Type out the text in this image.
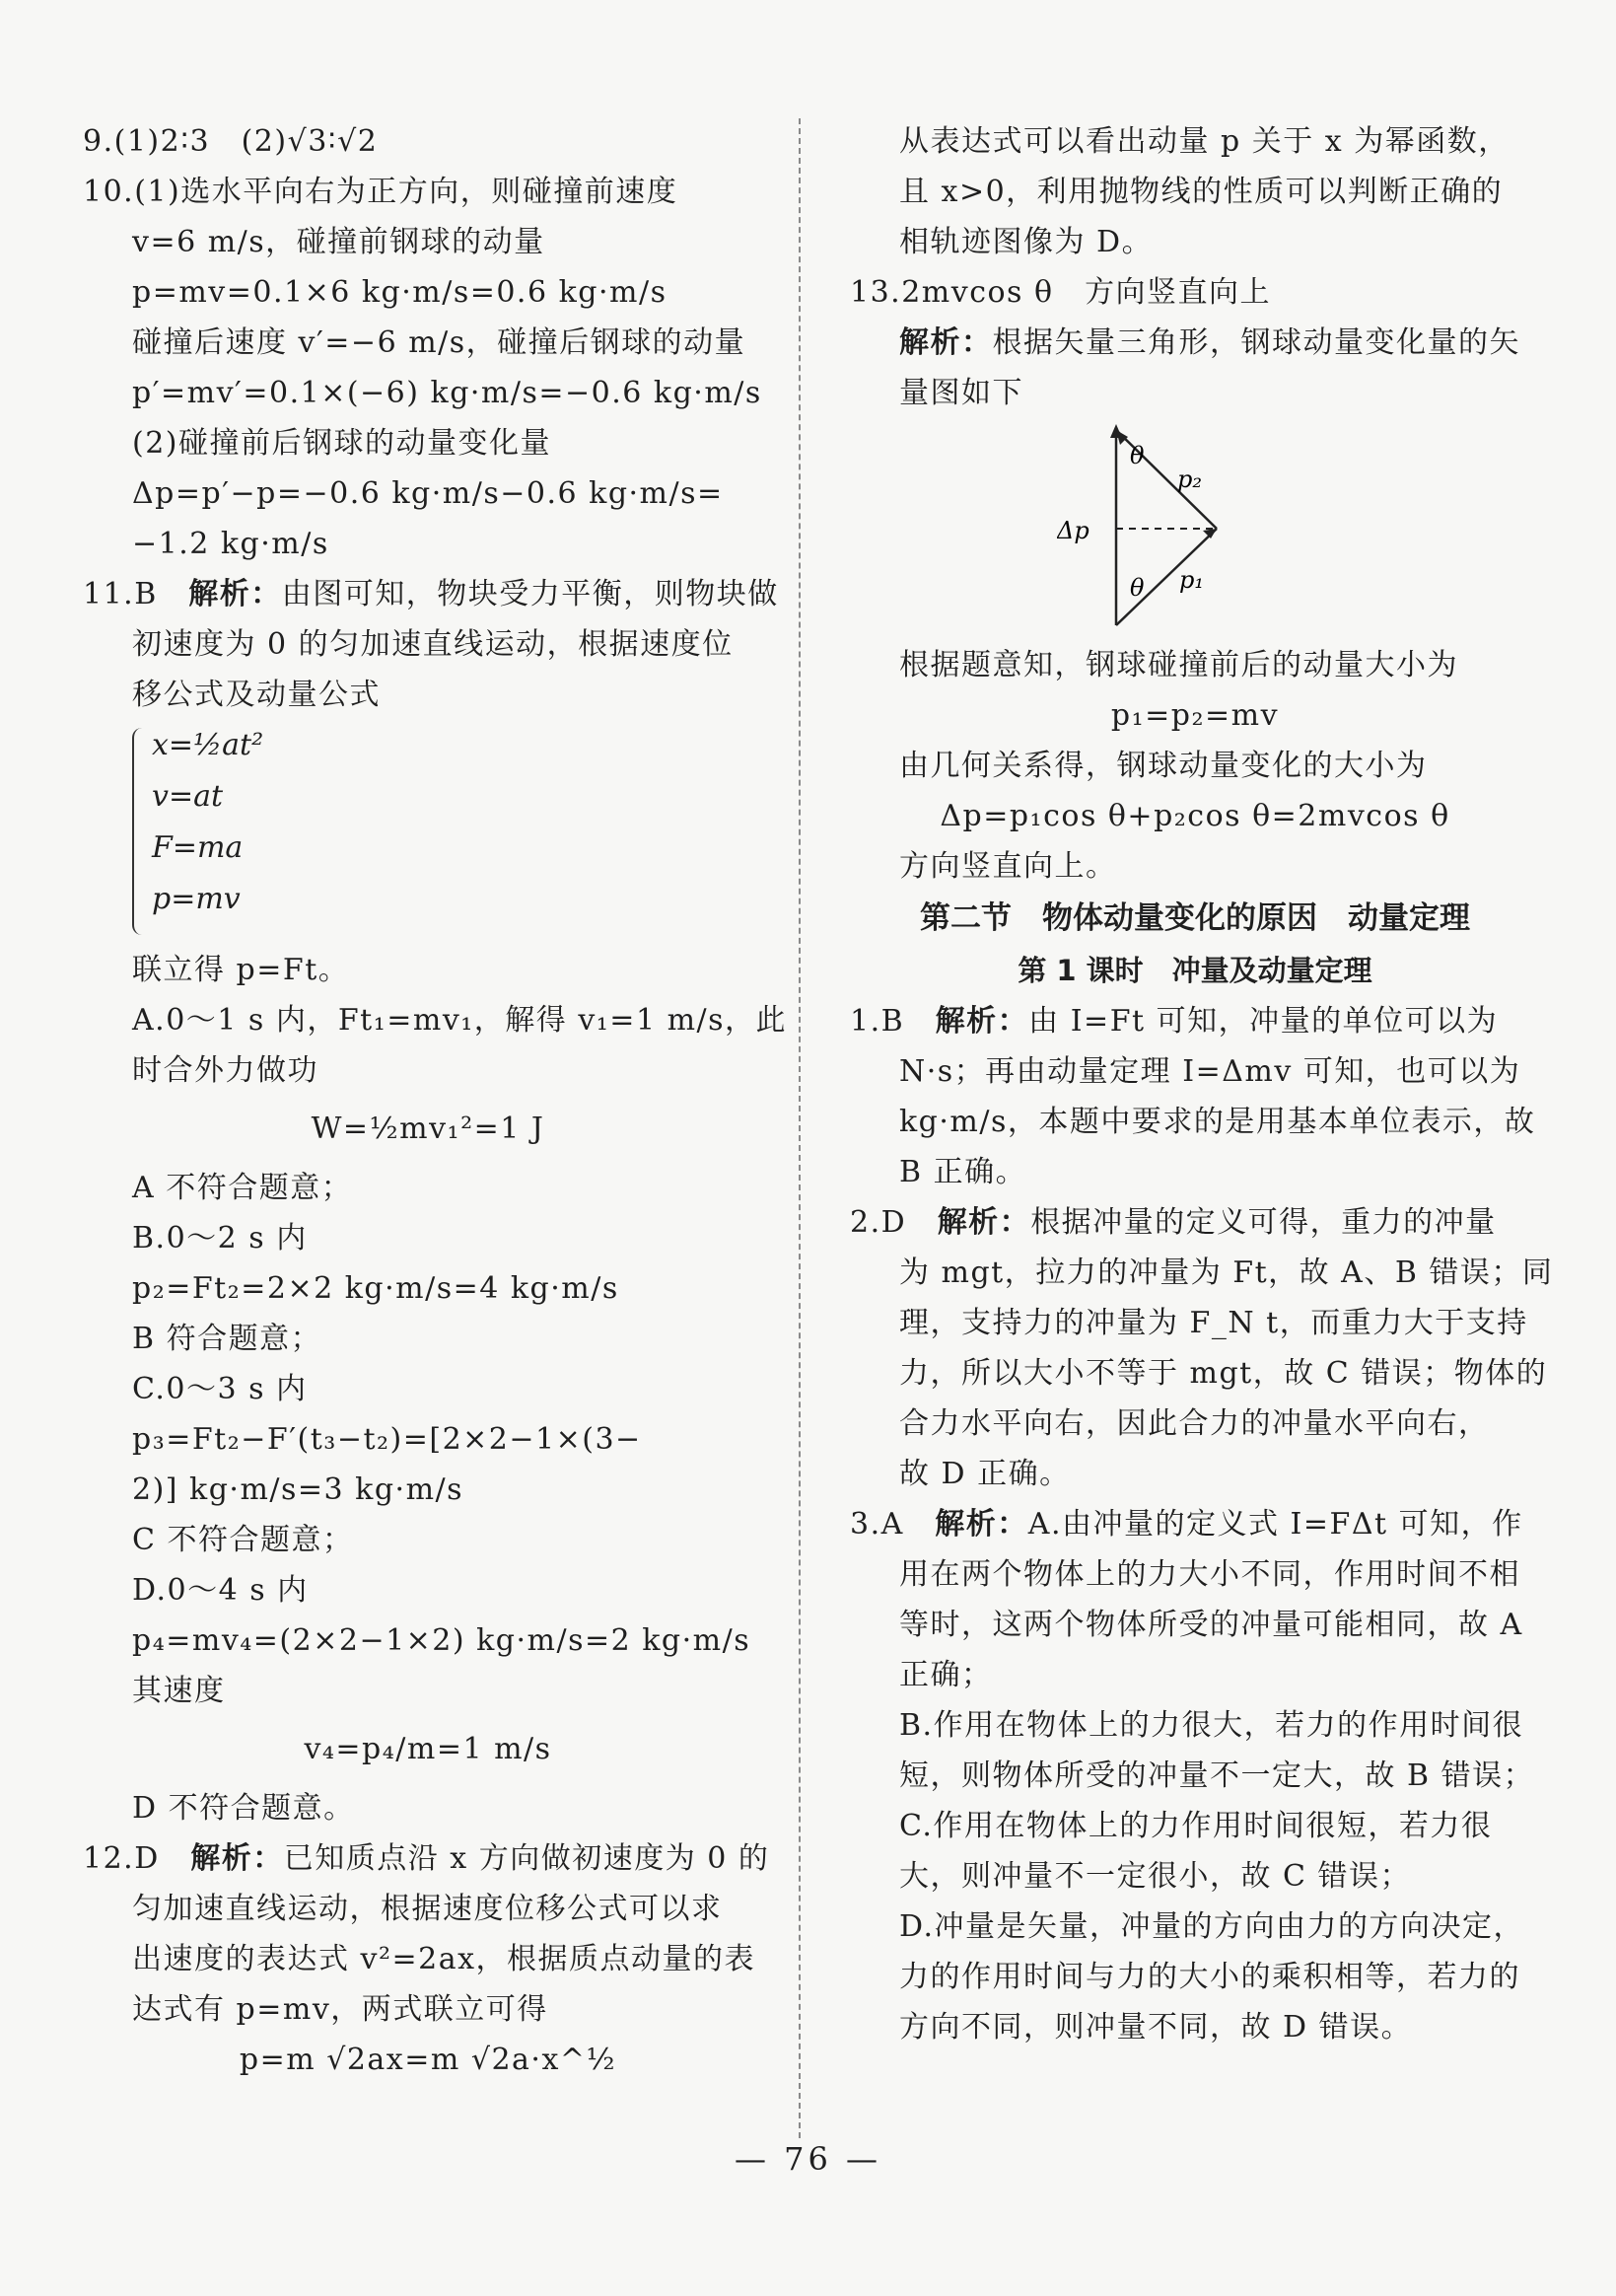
9.(1)2∶3　(2)√3∶√2
10.(1)选水平向右为正方向，则碰撞前速度
v=6 m/s，碰撞前钢球的动量
p=mv=0.1×6 kg·m/s=0.6 kg·m/s
碰撞后速度 v′=−6 m/s，碰撞后钢球的动量
p′=mv′=0.1×(−6) kg·m/s=−0.6 kg·m/s
(2)碰撞前后钢球的动量变化量
Δp=p′−p=−0.6 kg·m/s−0.6 kg·m/s=
−1.2 kg·m/s
11.B　解析：由图可知，物块受力平衡，则物块做
初速度为 0 的匀加速直线运动，根据速度位
移公式及动量公式
x=½at²
v=at
F=ma
p=mv
联立得 p=Ft。
A.0～1 s 内，Ft₁=mv₁，解得 v₁=1 m/s，此
时合外力做功
W=½mv₁²=1 J
A 不符合题意；
B.0～2 s 内
p₂=Ft₂=2×2 kg·m/s=4 kg·m/s
B 符合题意；
C.0～3 s 内
p₃=Ft₂−F′(t₃−t₂)=[2×2−1×(3−
2)] kg·m/s=3 kg·m/s
C 不符合题意；
D.0～4 s 内
p₄=mv₄=(2×2−1×2) kg·m/s=2 kg·m/s
其速度
v₄=p₄/m=1 m/s
D 不符合题意。
12.D　解析：已知质点沿 x 方向做初速度为 0 的
匀加速直线运动，根据速度位移公式可以求
出速度的表达式 v²=2ax，根据质点动量的表
达式有 p=mv，两式联立可得
p=m √2ax=m √2a·x^½
从表达式可以看出动量 p 关于 x 为幂函数，
且 x>0，利用抛物线的性质可以判断正确的
相轨迹图像为 D。
13.2mvcos θ　方向竖直向上
解析：根据矢量三角形，钢球动量变化量的矢
量图如下
θ
θ
p₂
p₁
Δp
根据题意知，钢球碰撞前后的动量大小为
p₁=p₂=mv
由几何关系得，钢球动量变化的大小为
Δp=p₁cos θ+p₂cos θ=2mvcos θ
方向竖直向上。
第二节　物体动量变化的原因　动量定理
第 1 课时　冲量及动量定理
1.B　解析：由 I=Ft 可知，冲量的单位可以为
N·s；再由动量定理 I=Δmv 可知，也可以为
kg·m/s，本题中要求的是用基本单位表示，故
B 正确。
2.D　解析：根据冲量的定义可得，重力的冲量
为 mgt，拉力的冲量为 Ft，故 A、B 错误；同
理，支持力的冲量为 F_N t，而重力大于支持
力，所以大小不等于 mgt，故 C 错误；物体的
合力水平向右，因此合力的冲量水平向右，
故 D 正确。
3.A　解析：A.由冲量的定义式 I=FΔt 可知，作
用在两个物体上的力大小不同，作用时间不相
等时，这两个物体所受的冲量可能相同，故 A
正确；
B.作用在物体上的力很大，若力的作用时间很
短，则物体所受的冲量不一定大，故 B 错误；
C.作用在物体上的力作用时间很短，若力很
大，则冲量不一定很小，故 C 错误；
D.冲量是矢量，冲量的方向由力的方向决定，
力的作用时间与力的大小的乘积相等，若力的
方向不同，则冲量不同，故 D 错误。
— 76 —
